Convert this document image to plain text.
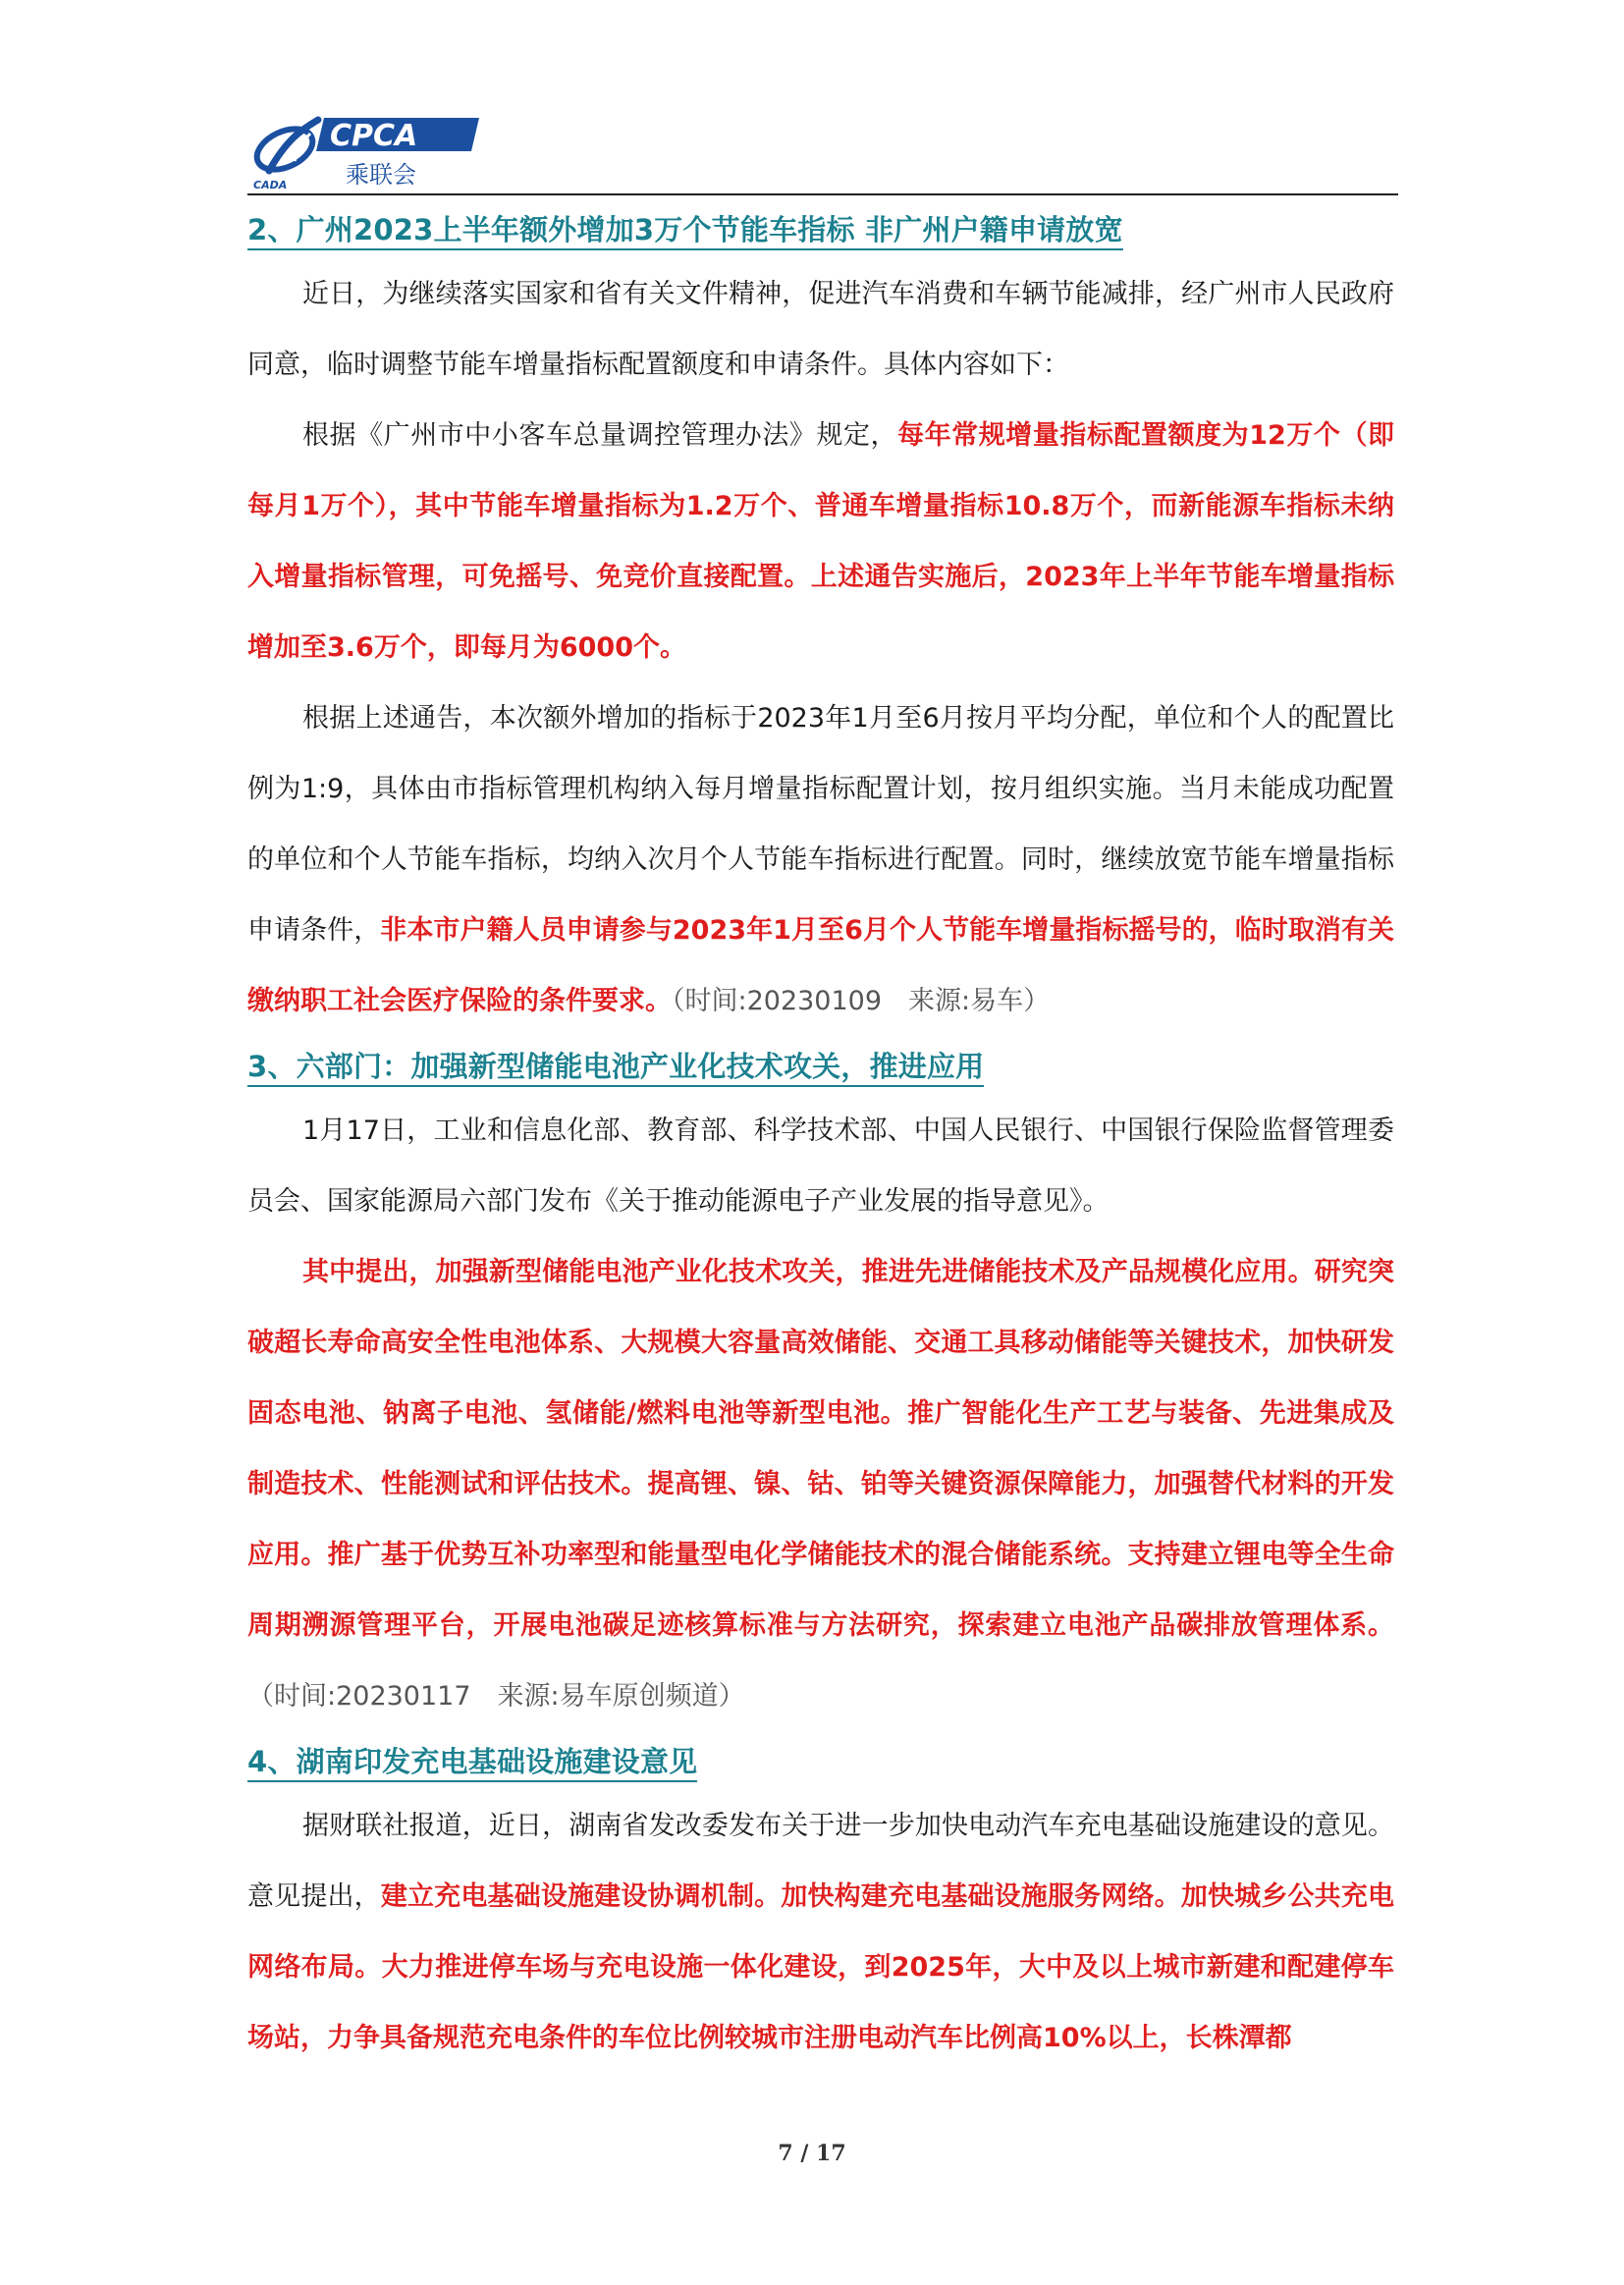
CADA
CPCA
乘联会
2、广州2023上半年额外增加3万个节能车指标 非广州户籍申请放宽

近日，为继续落实国家和省有关文件精神，促进汽车消费和车辆节能减排，经广州市人民政府同意，临时调整节能车增量指标配置额度和申请条件。具体内容如下：

根据《广州市中小客车总量调控管理办法》规定，每年常规增量指标配置额度为12万个（即每月1万个），其中节能车增量指标为1.2万个、普通车增量指标10.8万个，而新能源车指标未纳入增量指标管理，可免摇号、免竞价直接配置。上述通告实施后，2023年上半年节能车增量指标增加至3.6万个，即每月为6000个。

根据上述通告，本次额外增加的指标于2023年1月至6月按月平均分配，单位和个人的配置比例为1:9，具体由市指标管理机构纳入每月增量指标配置计划，按月组织实施。当月未能成功配置的单位和个人节能车指标，均纳入次月个人节能车指标进行配置。同时，继续放宽节能车增量指标申请条件，非本市户籍人员申请参与2023年1月至6月个人节能车增量指标摇号的，临时取消有关缴纳职工社会医疗保险的条件要求。（时间:20230109　来源:易车）

3、六部门：加强新型储能电池产业化技术攻关，推进应用

1月17日，工业和信息化部、教育部、科学技术部、中国人民银行、中国银行保险监督管理委员会、国家能源局六部门发布《关于推动能源电子产业发展的指导意见》。

其中提出，加强新型储能电池产业化技术攻关，推进先进储能技术及产品规模化应用。研究突破超长寿命高安全性电池体系、大规模大容量高效储能、交通工具移动储能等关键技术，加快研发固态电池、钠离子电池、氢储能/燃料电池等新型电池。推广智能化生产工艺与装备、先进集成及制造技术、性能测试和评估技术。提高锂、镍、钴、铂等关键资源保障能力，加强替代材料的开发应用。推广基于优势互补功率型和能量型电化学储能技术的混合储能系统。支持建立锂电等全生命周期溯源管理平台，开展电池碳足迹核算标准与方法研究，探索建立电池产品碳排放管理体系。（时间:20230117　来源:易车原创频道）

4、湖南印发充电基础设施建设意见

据财联社报道，近日，湖南省发改委发布关于进一步加快电动汽车充电基础设施建设的意见。意见提出，建立充电基础设施建设协调机制。加快构建充电基础设施服务网络。加快城乡公共充电网络布局。大力推进停车场与充电设施一体化建设，到2025年，大中及以上城市新建和配建停车场站，力争具备规范充电条件的车位比例较城市注册电动汽车比例高10%以上，长株潭都

7 / 17
